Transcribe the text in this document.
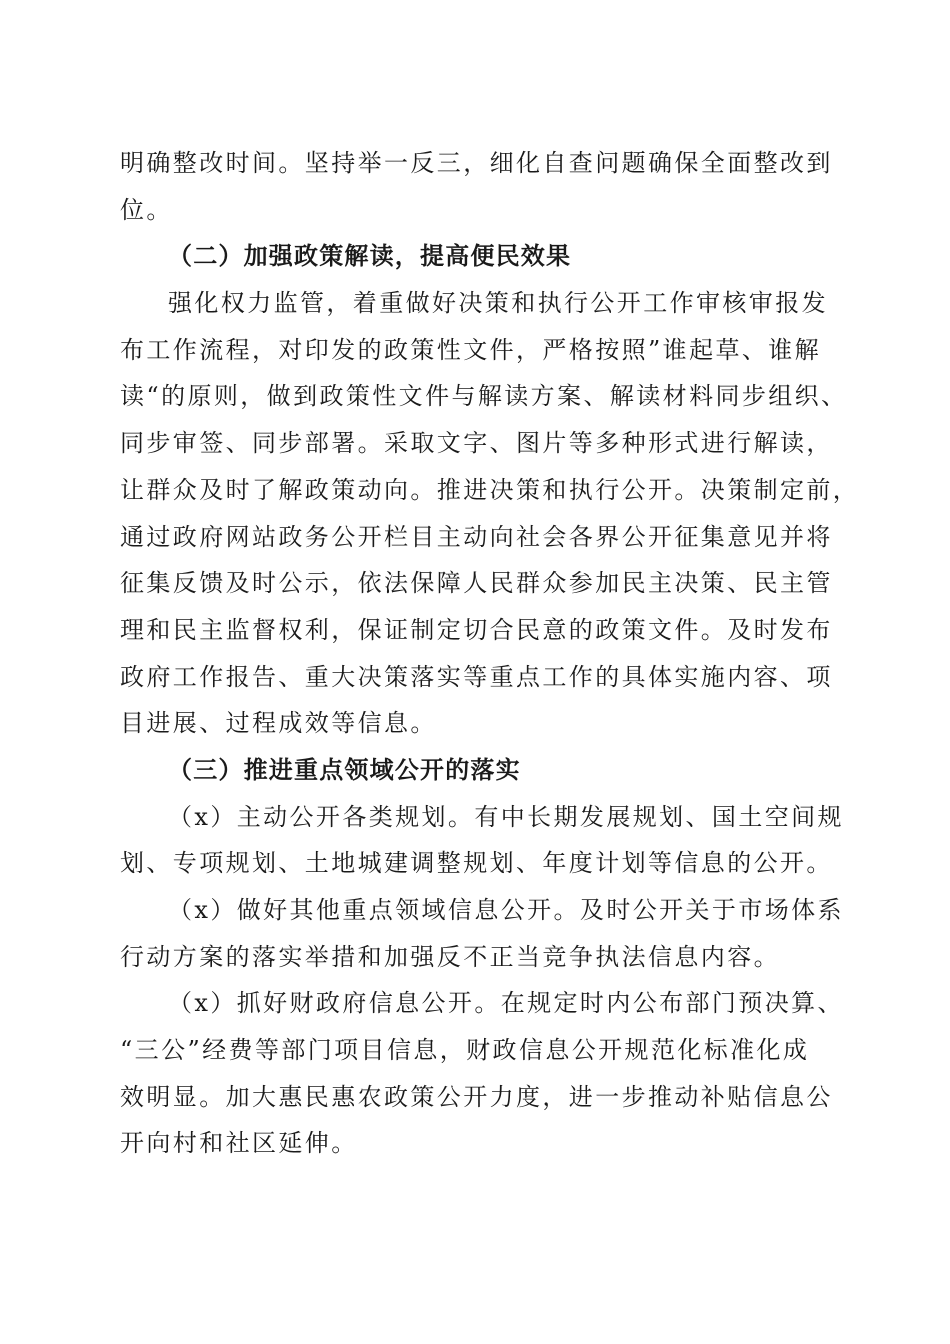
明确整改时间。坚持举一反三，细化自查问题确保全面整改到
位。
（二）加强政策解读，提高便民效果
强化权力监管，着重做好决策和执行公开工作审核审报发
布工作流程，对印发的政策性文件，严格按照”谁起草、谁解
读“的原则，做到政策性文件与解读方案、解读材料同步组织、
同步审签、同步部署。采取文字、图片等多种形式进行解读，
让群众及时了解政策动向。推进决策和执行公开。决策制定前，
通过政府网站政务公开栏目主动向社会各界公开征集意见并将
征集反馈及时公示，依法保障人民群众参加民主决策、民主管
理和民主监督权利，保证制定切合民意的政策文件。及时发布
政府工作报告、重大决策落实等重点工作的具体实施内容、项
目进展、过程成效等信息。
（三）推进重点领域公开的落实
（x）主动公开各类规划。有中长期发展规划、国土空间规
划、专项规划、土地城建调整规划、年度计划等信息的公开。
（x）做好其他重点领域信息公开。及时公开关于市场体系
行动方案的落实举措和加强反不正当竞争执法信息内容。
（x）抓好财政府信息公开。在规定时内公布部门预决算、
“三公”经费等部门项目信息，财政信息公开规范化标准化成
效明显。加大惠民惠农政策公开力度，进一步推动补贴信息公
开向村和社区延伸。
